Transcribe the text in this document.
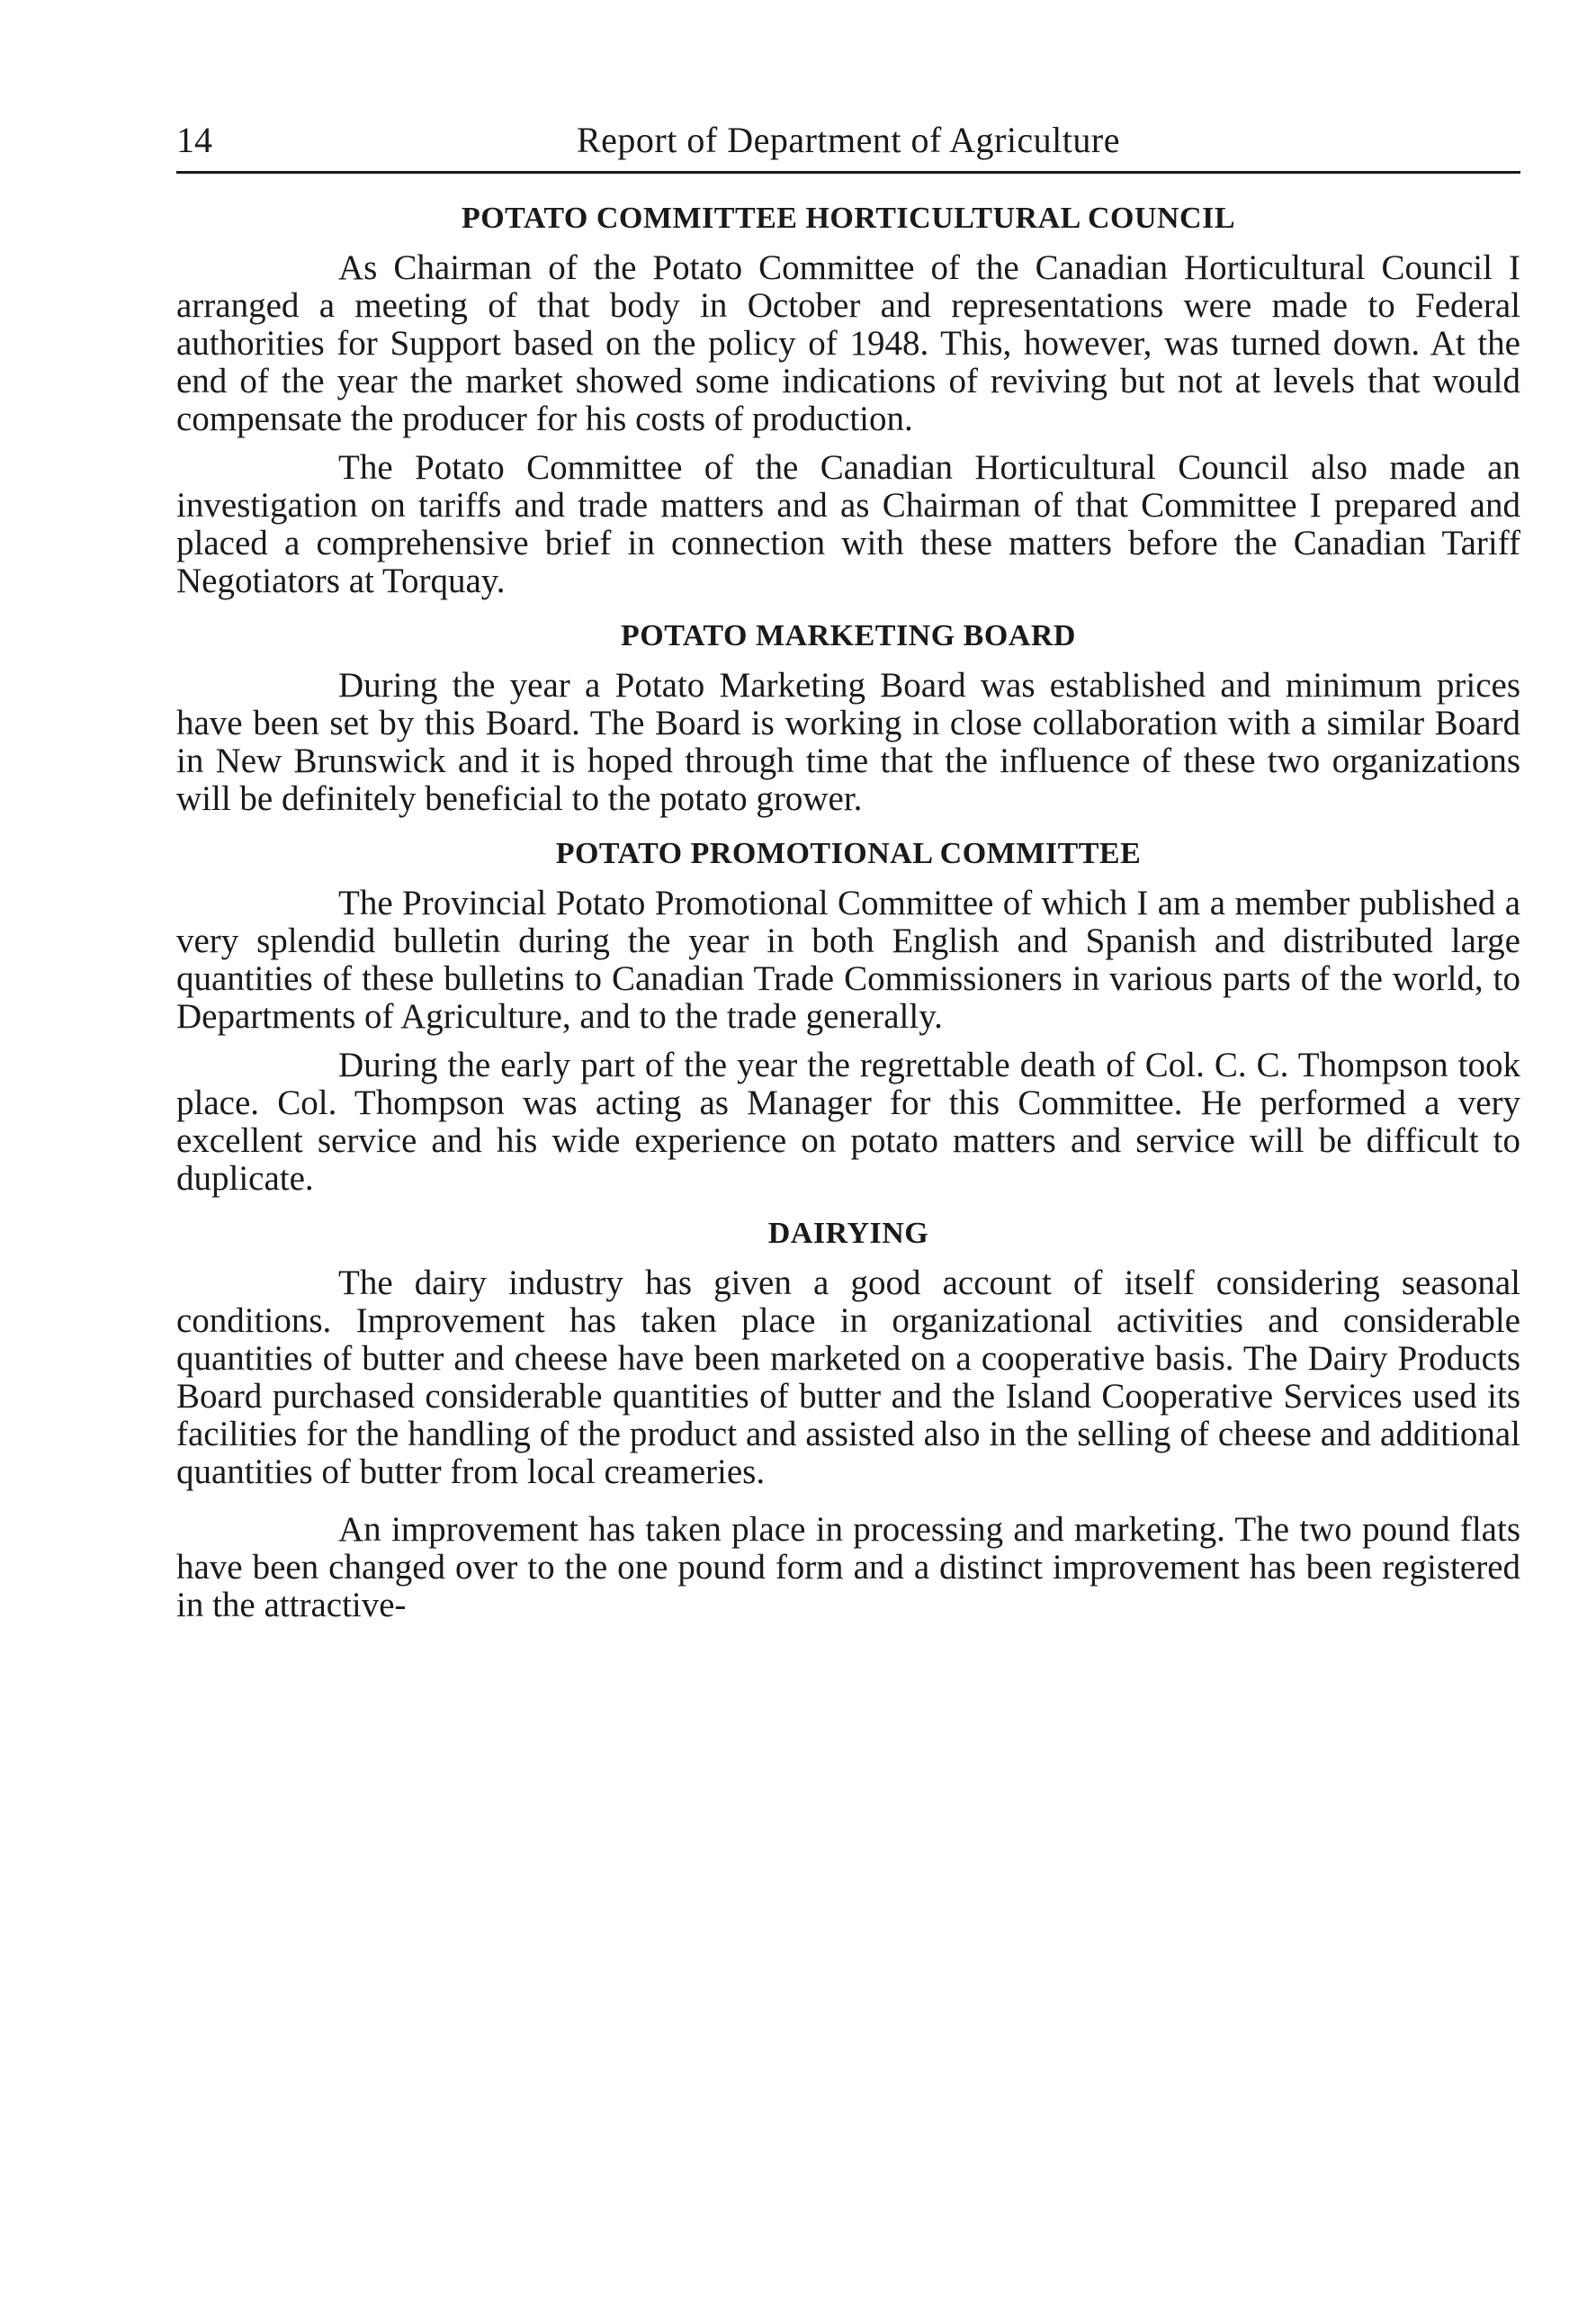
14	Report of Department of Agriculture
POTATO COMMITTEE HORTICULTURAL COUNCIL

As Chairman of the Potato Committee of the Canadian Horticultural Council I arranged a meeting of that body in October and representations were made to Federal authorities for Support based on the policy of 1948. This, however, was turned down. At the end of the year the market showed some indications of reviving but not at levels that would compensate the producer for his costs of production.

The Potato Committee of the Canadian Horticultural Council also made an investigation on tariffs and trade matters and as Chairman of that Committee I prepared and placed a comprehensive brief in connection with these matters before the Canadian Tariff Negotiators at Torquay.

POTATO MARKETING BOARD

During the year a Potato Marketing Board was established and minimum prices have been set by this Board. The Board is working in close collaboration with a similar Board in New Brunswick and it is hoped through time that the influence of these two organizations will be definitely beneficial to the potato grower.

POTATO PROMOTIONAL COMMITTEE

The Provincial Potato Promotional Committee of which I am a member published a very splendid bulletin during the year in both English and Spanish and distributed large quantities of these bulletins to Canadian Trade Commissioners in various parts of the world, to Departments of Agriculture, and to the trade generally.

During the early part of the year the regrettable death of Col. C. C. Thompson took place. Col. Thompson was acting as Manager for this Committee. He performed a very excellent service and his wide experience on potato matters and service will be difficult to duplicate.

DAIRYING

The dairy industry has given a good account of itself considering seasonal conditions. Improvement has taken place in organizational activities and considerable quantities of butter and cheese have been marketed on a cooperative basis. The Dairy Products Board purchased considerable quantities of butter and the Island Cooperative Services used its facilities for the handling of the product and assisted also in the selling of cheese and additional quantities of butter from local creameries.

An improvement has taken place in processing and marketing. The two pound flats have been changed over to the one pound form and a distinct improvement has been registered in the attractive-
